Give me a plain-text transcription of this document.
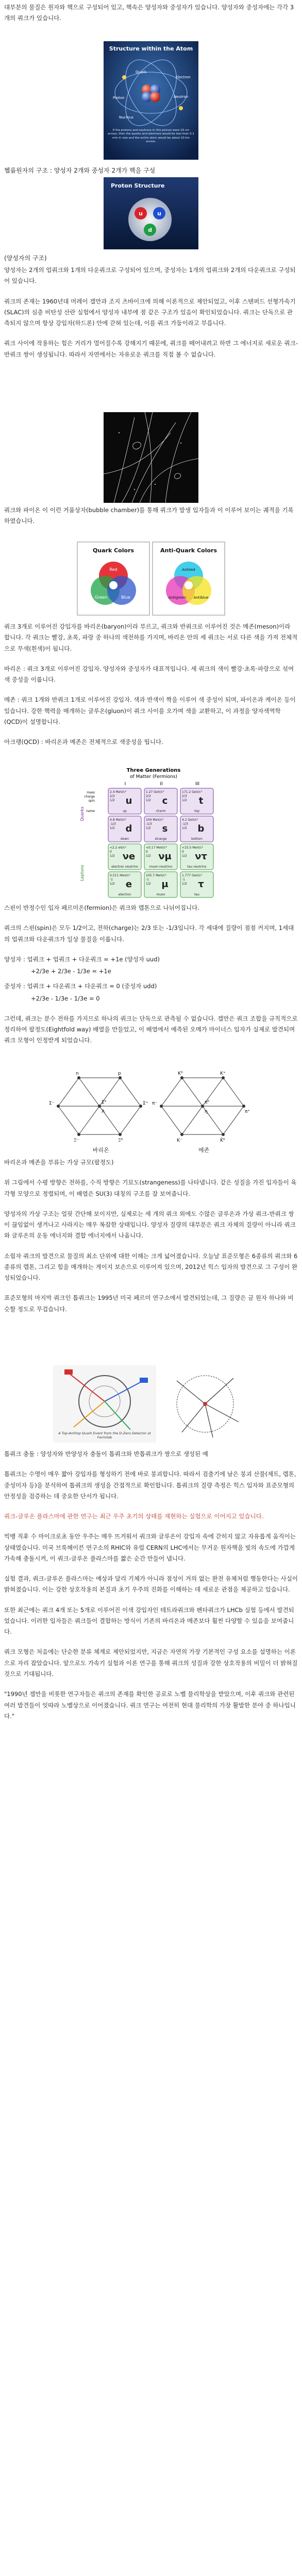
대부분의 물질은 원자와 핵으로 구성되어 있고, 핵속은 양성자와 중성자가 있습니다. 양성자와 중성자에는 각각 3개의 쿼크가 있습니다.

Structure within the Atom
Quark
Electron
Proton	Neutron
Nucleus
If the protons and neutrons in this picture were 10 cm across, then the quarks and electrons would be less than 0.1 mm in size and the entire atom would be about 10 km across.

헬륨원자의 구조 : 양성자 2개와 중성자 2개가 핵을 구성

Proton Structure
u	u
d

(양성자의 구조)

양성자는 2개의 업쿼크와 1개의 다운쿼크로 구성되어 있으며, 중성자는 1개의 업쿼크와 2개의 다운쿼크로 구성되어 있습니다.

쿼크의 존재는 1960년대 머레이 겔만과 조지 츠바이크에 의해 이론적으로 제안되었고, 이후 스탠퍼드 선형가속기(SLAC)의 심층 비탄성 산란 실험에서 양성자 내부에 점 같은 구조가 있음이 확인되었습니다. 쿼크는 단독으로 관측되지 않으며 항상 강입자(하드론) 안에 갇혀 있는데, 이를 쿼크 가둠이라고 부릅니다.

쿼크 사이에 작용하는 힘은 거리가 멀어질수록 강해지기 때문에, 쿼크를 떼어내려고 하면 그 에너지로 새로운 쿼크-반쿼크 쌍이 생성됩니다. 따라서 자연에서는 자유로운 쿼크를 직접 볼 수 없습니다.

쿼크와 파이온 이 이런 거품상자(bubble chamber)를 통해 쿼크가 발생 입자들과 이 이루어 보이는 궤적을 기록하였습니다.

Quark Colors	Anti-Quark Colors
Red
Green	Blue
Antired
Antigreen Antiblue

쿼크 3개로 이루어진 강입자를 바리온(baryon)이라 부르고, 쿼크와 반쿼크로 이루어진 것은 메존(meson)이라 합니다. 각 쿼크는 빨강, 초록, 파랑 중 하나의 색전하를 가지며, 바리온 안의 세 쿼크는 서로 다른 색을 가져 전체적으로 무색(흰색)이 됩니다.

바리온 : 쿼크 3개로 이루어진 강입자. 양성자와 중성자가 대표적입니다. 세 쿼크의 색이 빨강·초록·파랑으로 섞여 색 중성을 이룹니다.

메존 : 쿼크 1개와 반쿼크 1개로 이루어진 강입자. 색과 반색이 짝을 이루어 색 중성이 되며, 파이온과 케이온 등이 있습니다. 강한 핵력을 매개하는 글루온(gluon)이 쿼크 사이를 오가며 색을 교환하고, 이 과정을 양자색역학(QCD)이 설명합니다.

아크랭(QCD) : 바리온과 메존은 전체적으로 색중성을 띱니다.

Three Generations
of Matter (Fermions)
I	II	III
mass
charge
spin
name
Quarks
Leptons
2.4 MeV/c²
2/3
1/2 u
up
1.27 GeV/c²
2/3
1/2 c
charm
171.2 GeV/c²
2/3
1/2 t
top
4.8 MeV/c²
-1/3
1/2 d
down
104 MeV/c²
-1/3
1/2 s
strange
4.2 GeV/c²
-1/3
1/2 b
bottom
<2.2 eV/c²
0
1/2 νe
electron neutrino
<0.17 MeV/c²
0
1/2 νμ
muon neutrino
<15.5 MeV/c²
0
1/2 ντ
tau neutrino
0.511 MeV/c²
-1
1/2 e
electron
105.7 MeV/c²
-1
1/2 μ
muon
1.777 GeV/c²
-1
1/2 τ
tau

스핀이 반정수인 입자 페르미온(fermion)은 쿼크와 렙톤으로 나뉘어집니다.

쿼크의 스핀(spin)은 모두 1/2이고, 전하(charge)는 2/3 또는 -1/3입니다. 각 세대에 질량이 점점 커지며, 1세대의 업쿼크와 다운쿼크가 일상 물질을 이룹니다.

양성자 : 업쿼크 + 업쿼크 + 다운쿼크 = +1e (양성자 uud)

+2/3e + 2/3e - 1/3e = +1e

중성자 : 업쿼크 + 다운쿼크 + 다운쿼크 = 0 (중성자 udd)

+2/3e - 1/3e - 1/3e = 0

그런데, 쿼크는 분수 전하를 가지므로 하나의 쿼크는 단독으로 관측될 수 없습니다. 겔만은 쿼크 조합을 규칙적으로 정리하여 팔정도(Eightfold way) 배열을 만들었고, 이 배열에서 예측된 오메가 마이너스 입자가 실제로 발견되며 쿼크 모형이 인정받게 되었습니다.

n	p
Σ⁻	Σ⁰
Λ
Σ⁺
Ξ⁻	Ξ⁰
K⁰	K⁺
π⁻	π⁰
η	π⁺
K⁻	K̄⁰
바리온	메존

바리온과 메존을 부류는 가상 규모(팔정도)

위 그림에서 수평 방향은 전하를, 수직 방향은 기묘도(strangeness)를 나타냅니다. 같은 성질을 가진 입자들이 육각형 모양으로 정렬되며, 이 배열은 SU(3) 대칭의 구조를 잘 보여줍니다.

양성자의 가상 구조는 얼핏 간단해 보이지만, 실제로는 세 개의 쿼크 외에도 수많은 글루온과 가상 쿼크-반쿼크 쌍이 끊임없이 생겨나고 사라지는 매우 복잡한 상태입니다. 양성자 질량의 대부분은 쿼크 자체의 질량이 아니라 쿼크와 글루온의 운동 에너지와 결합 에너지에서 나옵니다.

소립자 쿼크의 발견으로 물질의 최소 단위에 대한 이해는 크게 넓어졌습니다. 오늘날 표준모형은 6종류의 쿼크와 6종류의 렙톤, 그리고 힘을 매개하는 게이지 보손으로 이루어져 있으며, 2012년 힉스 입자의 발견으로 그 구성이 완성되었습니다.

표준모형의 마지막 쿼크인 톱쿼크는 1995년 미국 페르미 연구소에서 발견되었는데, 그 질량은 금 원자 하나와 비슷할 정도로 무겁습니다.

A Top-Antitop Quark Event from the D-Zero Detector at Fermilab

톱쿼크 충돌 : 양성자와 반양성자 충돌이 톱쿼크와 반톱쿼크가 쌍으로 생성된 예

톱쿼크는 수명이 매우 짧아 강입자를 형성하기 전에 바로 붕괴합니다. 따라서 검출기에 남은 붕괴 산물(제트, 렙톤, 중성미자 등)을 분석하여 톱쿼크의 생성을 간접적으로 확인합니다. 톱쿼크의 질량 측정은 힉스 입자와 표준모형의 안정성을 검증하는 데 중요한 단서가 됩니다.

쿼크-글루온 플라스마에 관한 연구는 최근 우주 초기의 상태를 재현하는 실험으로 이어지고 있습니다.

빅뱅 직후 수 마이크로초 동안 우주는 매우 뜨거워서 쿼크와 글루온이 강입자 속에 갇히지 않고 자유롭게 움직이는 상태였습니다. 미국 브룩헤이븐 연구소의 RHIC와 유럽 CERN의 LHC에서는 무거운 원자핵을 빛의 속도에 가깝게 가속해 충돌시켜, 이 쿼크-글루온 플라스마를 짧은 순간 만들어 냅니다.

실험 결과, 쿼크-글루온 플라스마는 예상과 달리 기체가 아니라 점성이 거의 없는 완전 유체처럼 행동한다는 사실이 밝혀졌습니다. 이는 강한 상호작용의 본질과 초기 우주의 진화를 이해하는 데 새로운 관점을 제공하고 있습니다.

또한 최근에는 쿼크 4개 또는 5개로 이루어진 이색 강입자인 테트라쿼크와 펜타쿼크가 LHCb 실험 등에서 발견되었습니다. 이러한 입자들은 쿼크들이 결합하는 방식이 기존의 바리온과 메존보다 훨씬 다양할 수 있음을 보여줍니다.

쿼크 모형은 처음에는 단순한 분류 체계로 제안되었지만, 지금은 자연의 가장 기본적인 구성 요소를 설명하는 이론으로 자리 잡았습니다. 앞으로도 가속기 실험과 이론 연구를 통해 쿼크의 성질과 강한 상호작용의 비밀이 더 밝혀질 것으로 기대됩니다.

"1990년 겔만을 비롯한 연구자들은 쿼크의 존재를 확인한 공로로 노벨 물리학상을 받았으며, 이후 쿼크와 관련된 여러 발견들이 잇따라 노벨상으로 이어졌습니다. 쿼크 연구는 여전히 현대 물리학의 가장 활발한 분야 중 하나입니다."
